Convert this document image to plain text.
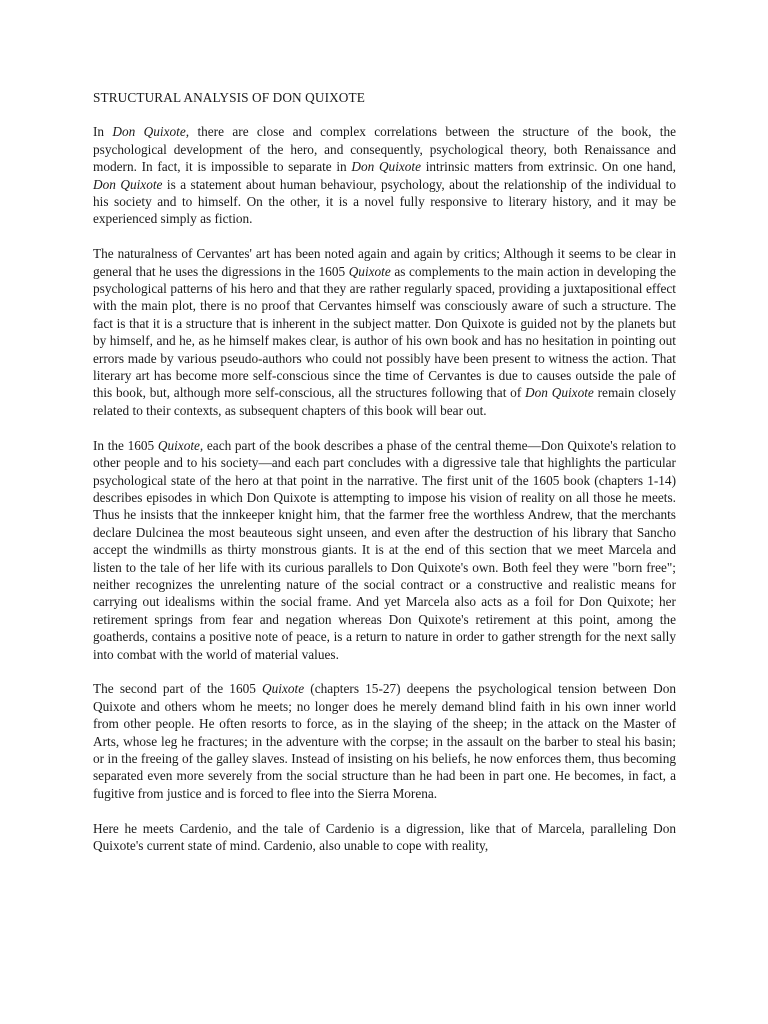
STRUCTURAL ANALYSIS OF DON QUIXOTE

In Don Quixote, there are close and complex correlations between the structure of the book, the psychological development of the hero, and consequently, psychological theory, both Renaissance and modern. In fact, it is impossible to separate in Don Quixote intrinsic matters from extrinsic. On one hand, Don Quixote is a statement about human behaviour, psychology, about the relationship of the individual to his society and to himself. On the other, it is a novel fully responsive to literary history, and it may be experienced simply as fiction.

The naturalness of Cervantes' art has been noted again and again by critics; Although it seems to be clear in general that he uses the digressions in the 1605 Quixote as complements to the main action in developing the psychological patterns of his hero and that they are rather regularly spaced, providing a juxtapositional effect with the main plot, there is no proof that Cervantes himself was consciously aware of such a structure. The fact is that it is a structure that is inherent in the subject matter. Don Quixote is guided not by the planets but by himself, and he, as he himself makes clear, is author of his own book and has no hesitation in pointing out errors made by various pseudo-authors who could not possibly have been present to witness the action. That literary art has become more self-conscious since the time of Cervantes is due to causes outside the pale of this book, but, although more self-conscious, all the structures following that of Don Quixote remain closely related to their contexts, as subsequent chapters of this book will bear out.

In the 1605 Quixote, each part of the book describes a phase of the central theme—Don Quixote's relation to other people and to his society—and each part concludes with a digressive tale that highlights the particular psychological state of the hero at that point in the narrative. The first unit of the 1605 book (chapters 1-14) describes episodes in which Don Quixote is attempting to impose his vision of reality on all those he meets. Thus he insists that the innkeeper knight him, that the farmer free the worthless Andrew, that the merchants declare Dulcinea the most beauteous sight unseen, and even after the destruction of his library that Sancho accept the windmills as thirty monstrous giants. It is at the end of this section that we meet Marcela and listen to the tale of her life with its curious parallels to Don Quixote's own. Both feel they were "born free"; neither recognizes the unrelenting nature of the social contract or a constructive and realistic means for carrying out idealisms within the social frame. And yet Marcela also acts as a foil for Don Quixote; her retirement springs from fear and negation whereas Don Quixote's retirement at this point, among the goatherds, contains a positive note of peace, is a return to nature in order to gather strength for the next sally into combat with the world of material values.

The second part of the 1605 Quixote (chapters 15-27) deepens the psychological tension between Don Quixote and others whom he meets; no longer does he merely demand blind faith in his own inner world from other people. He often resorts to force, as in the slaying of the sheep; in the attack on the Master of Arts, whose leg he fractures; in the adventure with the corpse; in the assault on the barber to steal his basin; or in the freeing of the galley slaves. Instead of insisting on his beliefs, he now enforces them, thus becoming separated even more severely from the social structure than he had been in part one. He becomes, in fact, a fugitive from justice and is forced to flee into the Sierra Morena.

Here he meets Cardenio, and the tale of Cardenio is a digression, like that of Marcela, paralleling Don Quixote's current state of mind. Cardenio, also unable to cope with reality,
